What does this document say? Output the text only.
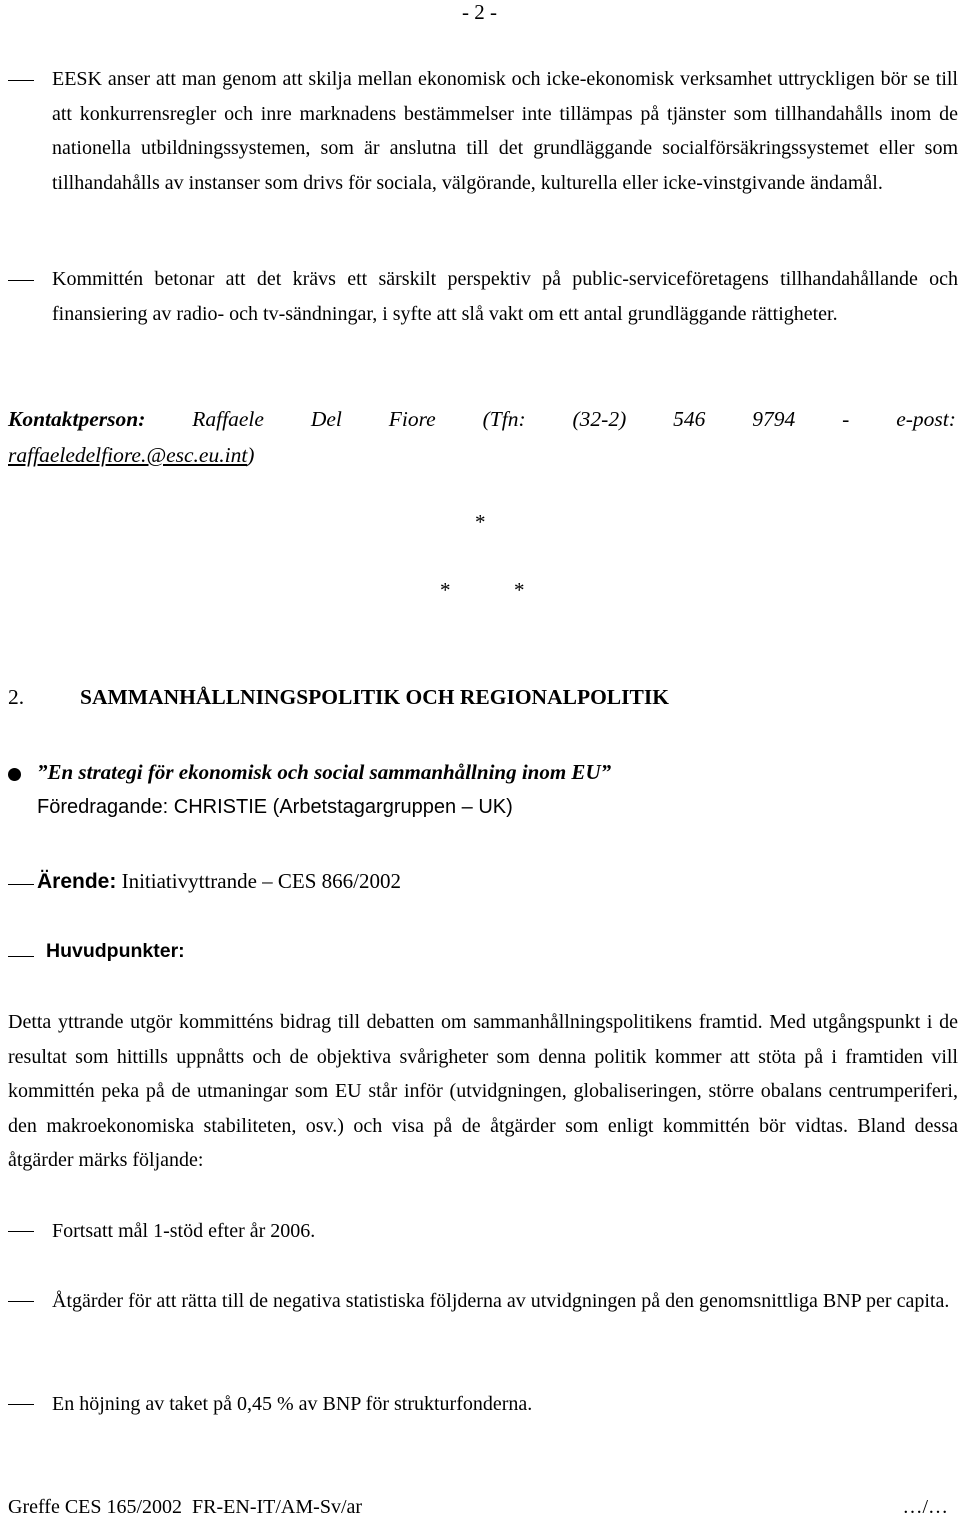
- 2 -
EESK anser att man genom att skilja mellan ekonomisk och icke-ekonomisk verksamhet uttryckligen bör se till att konkurrensregler och inre marknadens bestämmelser inte tillämpas på tjänster som tillhandahålls inom de nationella utbildningssystemen, som är anslutna till det grundläggande socialförsäkringssystemet eller som tillhandahålls av instanser som drivs för sociala, välgörande, kulturella eller icke-vinstgivande ändamål.
Kommittén betonar att det krävs ett särskilt perspektiv på public-serviceföretagens tillhandahållande och finansiering av radio- och tv-sändningar, i syfte att slå vakt om ett antal grundläggande rättigheter.
Kontaktperson: Raffaele Del Fiore (Tfn: (32-2) 546 9794 - e-post:
raffaeledelfiore.@esc.eu.int)
*
*	*
2.	SAMMANHÅLLNINGSPOLITIK OCH REGIONALPOLITIK
”En strategi för ekonomisk och social sammanhållning inom EU”
Föredragande: CHRISTIE (Arbetstagargruppen – UK)
Ärende: Initiativyttrande – CES 866/2002
Huvudpunkter:
Detta yttrande utgör kommitténs bidrag till debatten om sammanhållningspolitikens framtid. Med utgångspunkt i de resultat som hittills uppnåtts och de objektiva svårigheter som denna politik kommer att stöta på i framtiden vill kommittén peka på de utmaningar som EU står inför (utvidgningen, globaliseringen, större obalans centrumperiferi, den makroekonomiska stabiliteten, osv.) och visa på de åtgärder som enligt kommittén bör vidtas. Bland dessa åtgärder märks följande:
Fortsatt mål 1-stöd efter år 2006.
Åtgärder för att rätta till de negativa statistiska följderna av utvidgningen på den genomsnittliga BNP per capita.
En höjning av taket på 0,45 % av BNP för strukturfonderna.
Greffe CES 165/2002  FR-EN-IT/AM-Sv/ar	…/…
